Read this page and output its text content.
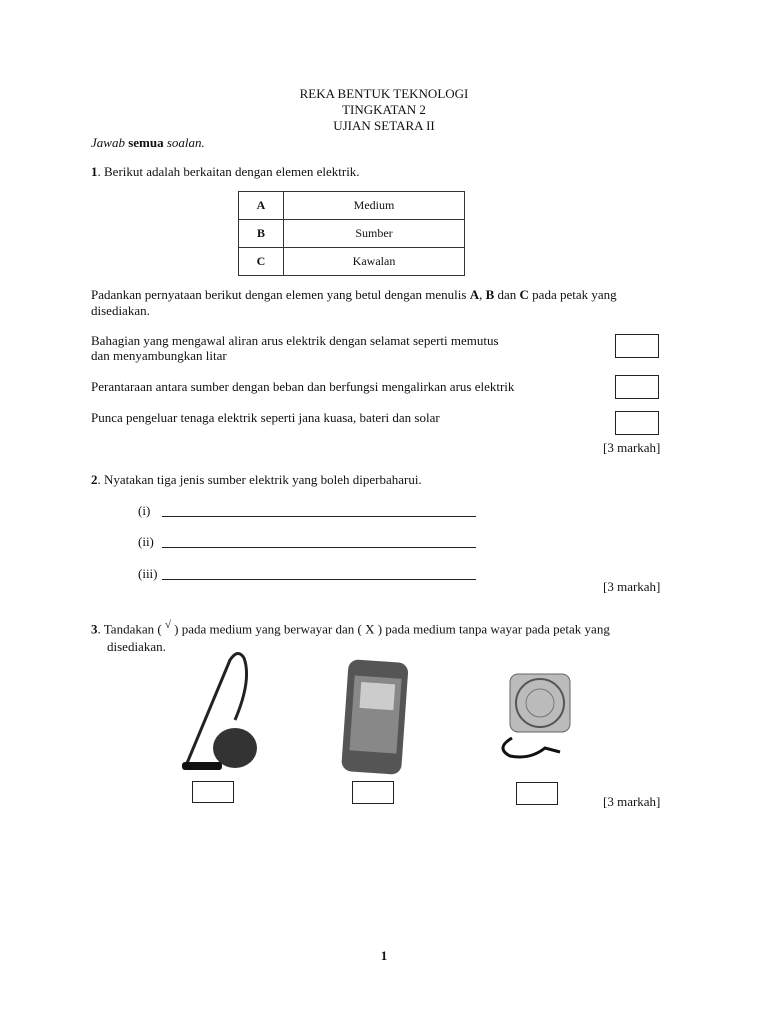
REKA BENTUK TEKNOLOGI
TINGKATAN 2
UJIAN SETARA II
Jawab semua soalan.
1. Berikut adalah berkaitan dengan elemen elektrik.
A	Medium
B	Sumber
C	Kawalan
Padankan pernyataan berikut dengan elemen yang betul dengan menulis A, B dan C pada petak yang
disediakan.
Bahagian yang mengawal aliran arus elektrik dengan selamat seperti memutus
dan menyambungkan litar
Perantaraan antara sumber dengan beban dan berfungsi mengalirkan arus elektrik
Punca pengeluar tenaga elektrik seperti jana kuasa, bateri dan solar
[3 markah]
2. Nyatakan tiga jenis sumber elektrik yang boleh diperbaharui.
(i)
(ii)
(iii)
[3 markah]
3. Tandakan ( √ ) pada medium yang berwayar dan ( X ) pada medium tanpa wayar pada petak yang
disediakan.
[3 markah]
1
